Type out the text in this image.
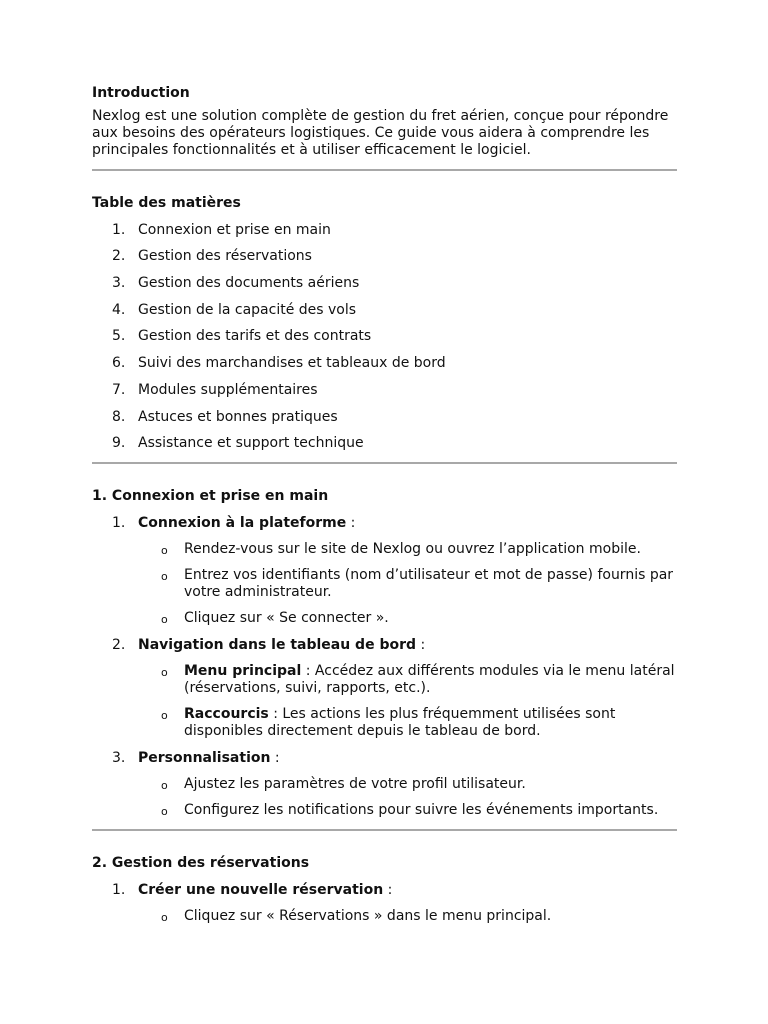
Introduction

Nexlog est une solution complète de gestion du fret aérien, conçue pour répondre aux besoins des opérateurs logistiques. Ce guide vous aidera à comprendre les principales fonctionnalités et à utiliser efficacement le logiciel.

Table des matières

1. Connexion et prise en main
2. Gestion des réservations
3. Gestion des documents aériens
4. Gestion de la capacité des vols
5. Gestion des tarifs et des contrats
6. Suivi des marchandises et tableaux de bord
7. Modules supplémentaires
8. Astuces et bonnes pratiques
9. Assistance et support technique

1. Connexion et prise en main

1. Connexion à la plateforme :
o Rendez-vous sur le site de Nexlog ou ouvrez l’application mobile.
o Entrez vos identifiants (nom d’utilisateur et mot de passe) fournis par votre administrateur.
o Cliquez sur « Se connecter ».
2. Navigation dans le tableau de bord :
o Menu principal : Accédez aux différents modules via le menu latéral (réservations, suivi, rapports, etc.).
o Raccourcis : Les actions les plus fréquemment utilisées sont disponibles directement depuis le tableau de bord.
3. Personnalisation :
o Ajustez les paramètres de votre profil utilisateur.
o Configurez les notifications pour suivre les événements importants.

2. Gestion des réservations

1. Créer une nouvelle réservation :
o Cliquez sur « Réservations » dans le menu principal.
